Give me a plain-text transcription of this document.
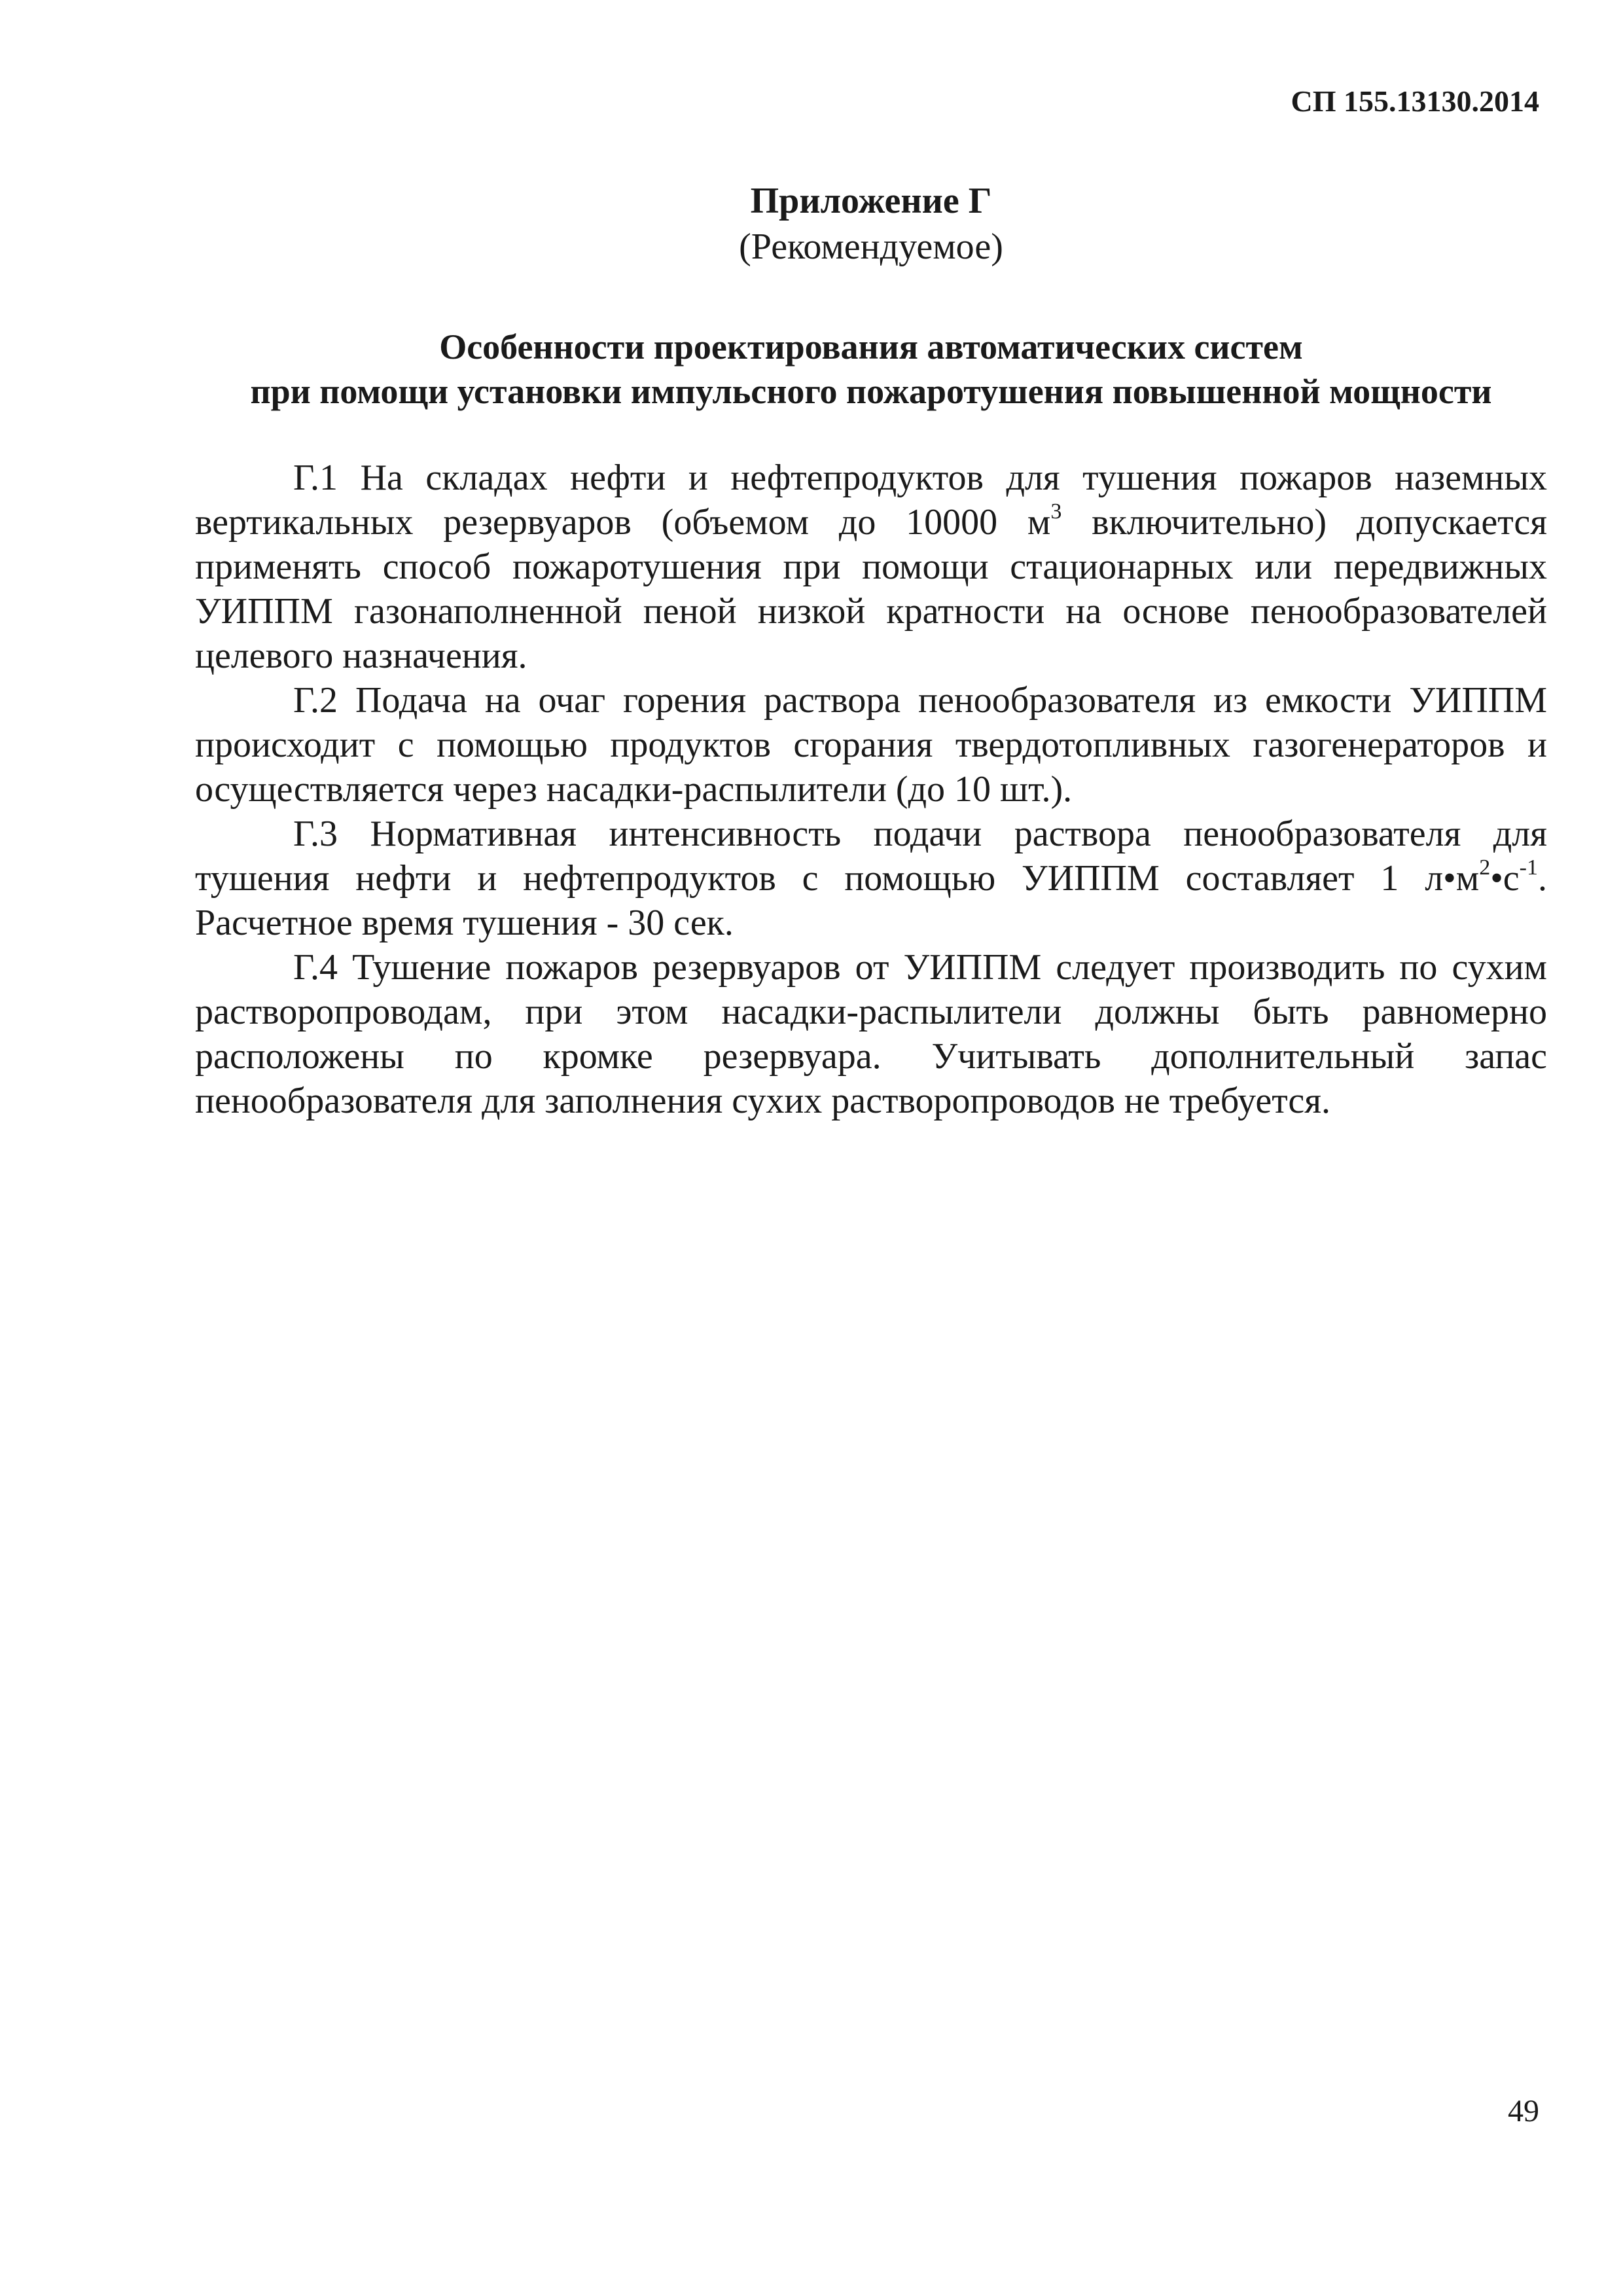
СП 155.13130.2014
Приложение Г
(Рекомендуемое)
Особенности проектирования автоматических систем
при помощи установки импульсного пожаротушения повышенной мощности

Г.1 На складах нефти и нефтепродуктов для тушения пожаров наземных вертикальных резервуаров (объемом до 10000 $м^3$ включительно) допускается применять способ пожаротушения при помощи стационарных или передвижных УИППМ газонаполненной пеной низкой кратности на основе пенообразователей целевого назначения.

Г.2 Подача на очаг горения раствора пенообразователя из емкости УИППМ происходит с помощью продуктов сгорания твердотопливных газогенераторов и осуществляется через насадки-распылители (до 10 шт.).

Г.3 Нормативная интенсивность подачи раствора пенообразователя для тушения нефти и нефтепродуктов с помощью УИППМ составляет 1 $л•м^2•с^{-1}$. Расчетное время тушения - 30 сек.

Г.4 Тушение пожаров резервуаров от УИППМ следует производить по сухим растворопроводам, при этом насадки-распылители должны быть равномерно расположены по кромке резервуара. Учитывать дополнительный запас пенообразователя для заполнения сухих растворопроводов не требуется.

49
